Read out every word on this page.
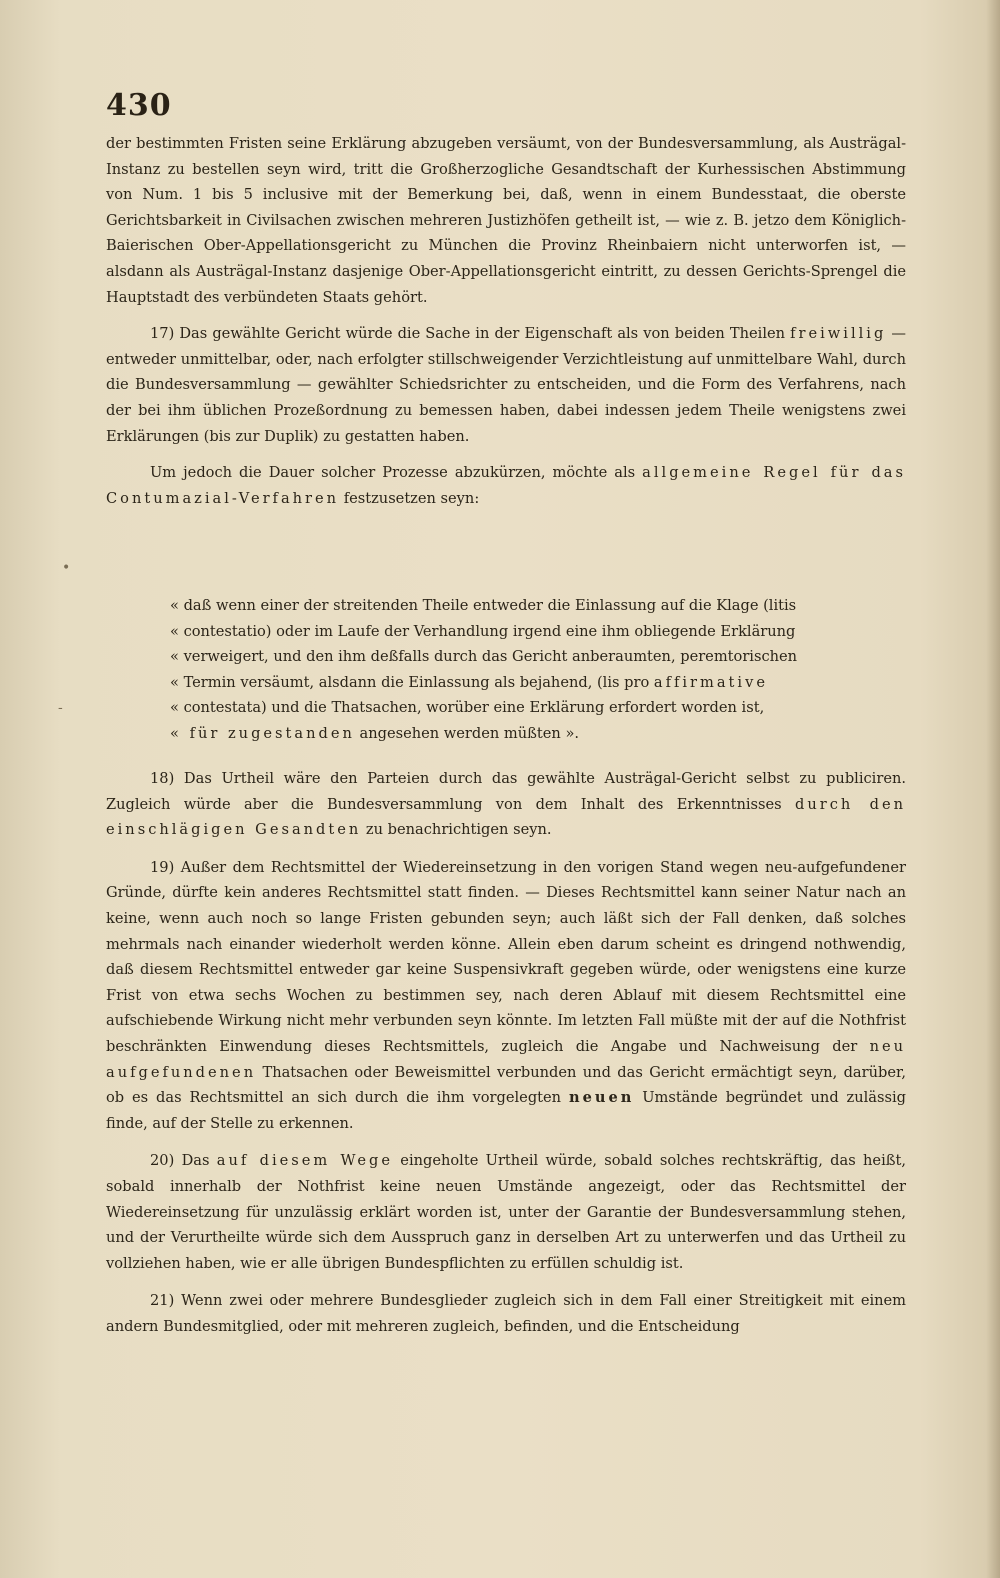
430

der bestimmten Fristen seine Erklärung abzugeben versäumt, von der Bundesversammlung, als Austrägal-Instanz zu bestellen seyn wird, tritt die Großherzogliche Gesandtschaft der Kurhessischen Abstimmung von Num. 1 bis 5 inclusive mit der Bemerkung bei, daß, wenn in einem Bundesstaat, die oberste Gerichtsbarkeit in Civilsachen zwischen mehreren Justizhöfen getheilt ist, — wie z. B. jetzo dem Königlich-Baierischen Ober-Appellationsgericht zu München die Provinz Rheinbaiern nicht unterworfen ist, — alsdann als Austrägal-Instanz dasjenige Ober-Appellationsgericht eintritt, zu dessen Gerichts-Sprengel die Hauptstadt des verbündeten Staats gehört.

17) Das gewählte Gericht würde die Sache in der Eigenschaft als von beiden Theilen freiwillig — entweder unmittelbar, oder, nach erfolgter stillschweigender Verzichtleistung auf unmittelbare Wahl, durch die Bundesversammlung — gewählter Schiedsrichter zu entscheiden, und die Form des Verfahrens, nach der bei ihm üblichen Prozeßordnung zu bemessen haben, dabei indessen jedem Theile wenigstens zwei Erklärungen (bis zur Duplik) zu gestatten haben.

Um jedoch die Dauer solcher Prozesse abzukürzen, möchte als allgemeine Regel für das Contumazial-Verfahren festzusetzen seyn:

« daß wenn einer der streitenden Theile entweder die Einlassung auf die Klage (litis

« contestatio) oder im Laufe der Verhandlung irgend eine ihm obliegende Erklärung

« verweigert, und den ihm deßfalls durch das Gericht anberaumten, peremtorischen

« Termin versäumt, alsdann die Einlassung als bejahend, (lis pro affirmative

« contestata) und die Thatsachen, worüber eine Erklärung erfordert worden ist,

« für zugestanden angesehen werden müßten ».

18) Das Urtheil wäre den Parteien durch das gewählte Austrägal-Gericht selbst zu publiciren. Zugleich würde aber die Bundesversammlung von dem Inhalt des Erkenntnisses durch den einschlägigen Gesandten zu benachrichtigen seyn.

19) Außer dem Rechtsmittel der Wiedereinsetzung in den vorigen Stand wegen neu-aufgefundener Gründe, dürfte kein anderes Rechtsmittel statt finden. — Dieses Rechtsmittel kann seiner Natur nach an keine, wenn auch noch so lange Fristen gebunden seyn; auch läßt sich der Fall denken, daß solches mehrmals nach einander wiederholt werden könne. Allein eben darum scheint es dringend nothwendig, daß diesem Rechtsmittel entweder gar keine Suspensivkraft gegeben würde, oder wenigstens eine kurze Frist von etwa sechs Wochen zu bestimmen sey, nach deren Ablauf mit diesem Rechtsmittel eine aufschiebende Wirkung nicht mehr verbunden seyn könnte. Im letzten Fall müßte mit der auf die Nothfrist beschränkten Einwendung dieses Rechtsmittels, zugleich die Angabe und Nachweisung der neu aufgefundenen Thatsachen oder Beweismittel verbunden und das Gericht ermächtigt seyn, darüber, ob es das Rechtsmittel an sich durch die ihm vorgelegten neuen Umstände begründet und zulässig finde, auf der Stelle zu erkennen.

20) Das auf diesem Wege eingeholte Urtheil würde, sobald solches rechtskräftig, das heißt, sobald innerhalb der Nothfrist keine neuen Umstände angezeigt, oder das Rechtsmittel der Wiedereinsetzung für unzulässig erklärt worden ist, unter der Garantie der Bundesversammlung stehen, und der Verurtheilte würde sich dem Ausspruch ganz in derselben Art zu unterwerfen und das Urtheil zu vollziehen haben, wie er alle übrigen Bundespflichten zu erfüllen schuldig ist.

21) Wenn zwei oder mehrere Bundesglieder zugleich sich in dem Fall einer Streitigkeit mit einem andern Bundesmitglied, oder mit mehreren zugleich, befinden, und die Entscheidung

•
-
